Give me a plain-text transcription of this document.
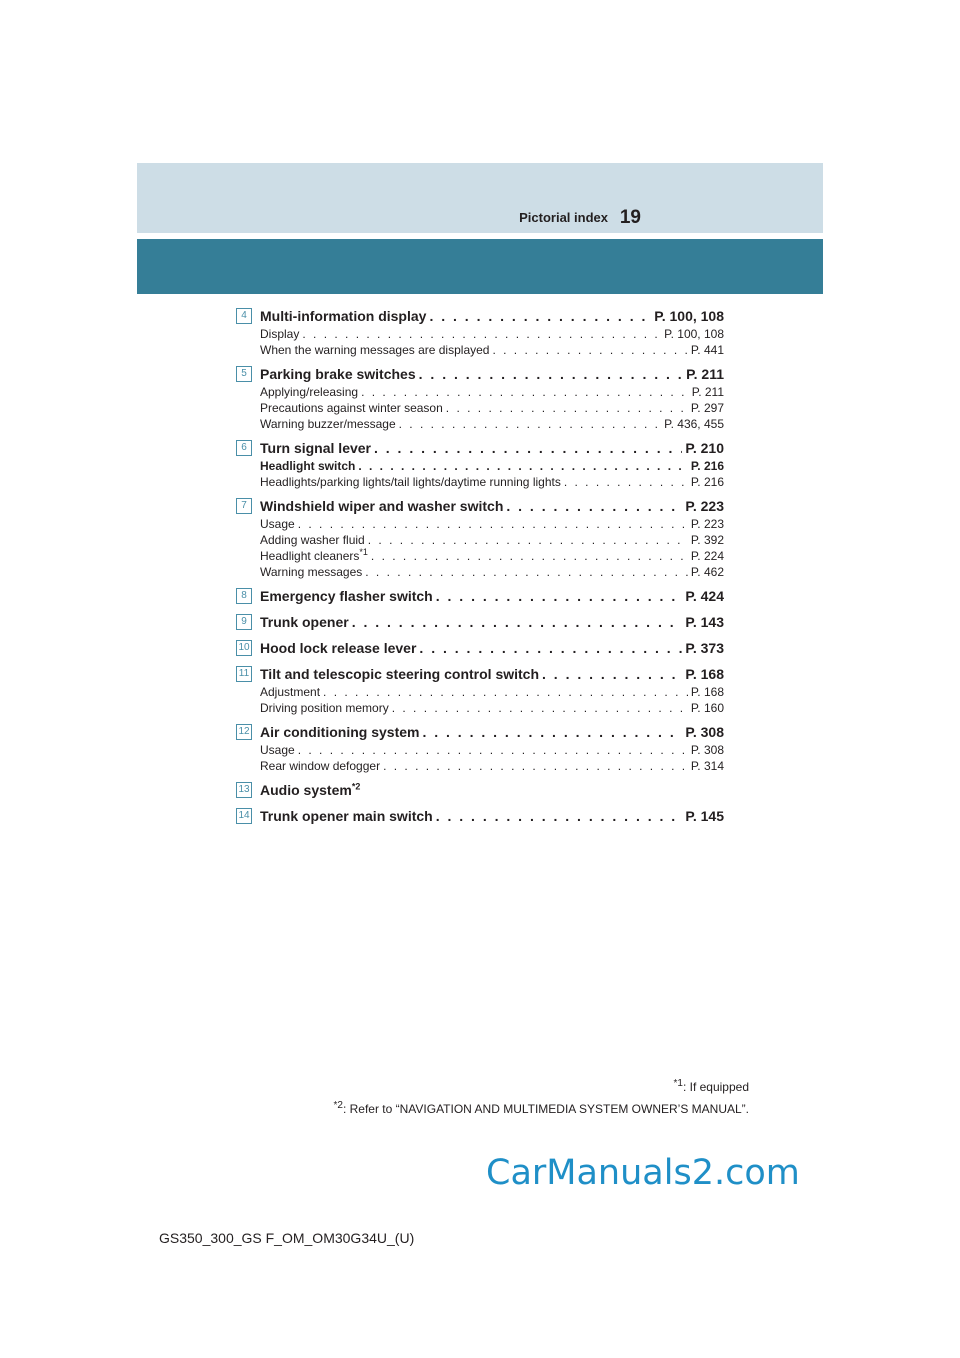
Pictorial index 19
4 Multi-information display . . .	P. 100, 108
Display . . .	P. 100, 108
When the warning messages are displayed . . .	P. 441
5 Parking brake switches . . .	P. 211
Applying/releasing . . .	P. 211
Precautions against winter season . . .	P. 297
Warning buzzer/message . . .	P. 436, 455
6 Turn signal lever . . .	P. 210
Headlight switch . . .	P. 216
Headlights/parking lights/tail lights/daytime running lights . . .	P. 216
7 Windshield wiper and washer switch . . .	P. 223
Usage . . .	P. 223
Adding washer fluid . . .	P. 392
Headlight cleaners$^{*1}$ . . .	P. 224
Warning messages . . .	P. 462
8 Emergency flasher switch . . .	P. 424
9 Trunk opener . . .	P. 143
10 Hood lock release lever . . .	P. 373
11 Tilt and telescopic steering control switch . . .	P. 168
Adjustment . . .	P. 168
Driving position memory . . .	P. 160
12 Air conditioning system . . .	P. 308
Usage . . .	P. 308
Rear window defogger . . .	P. 314
13 Audio system$^{*2}$
14 Trunk opener main switch . . .	P. 145
$^{*1}$: If equipped
$^{*2}$: Refer to “NAVIGATION AND MULTIMEDIA SYSTEM OWNER’S MANUAL”.
CarManuals2.com
GS350_300_GS F_OM_OM30G34U_(U)
